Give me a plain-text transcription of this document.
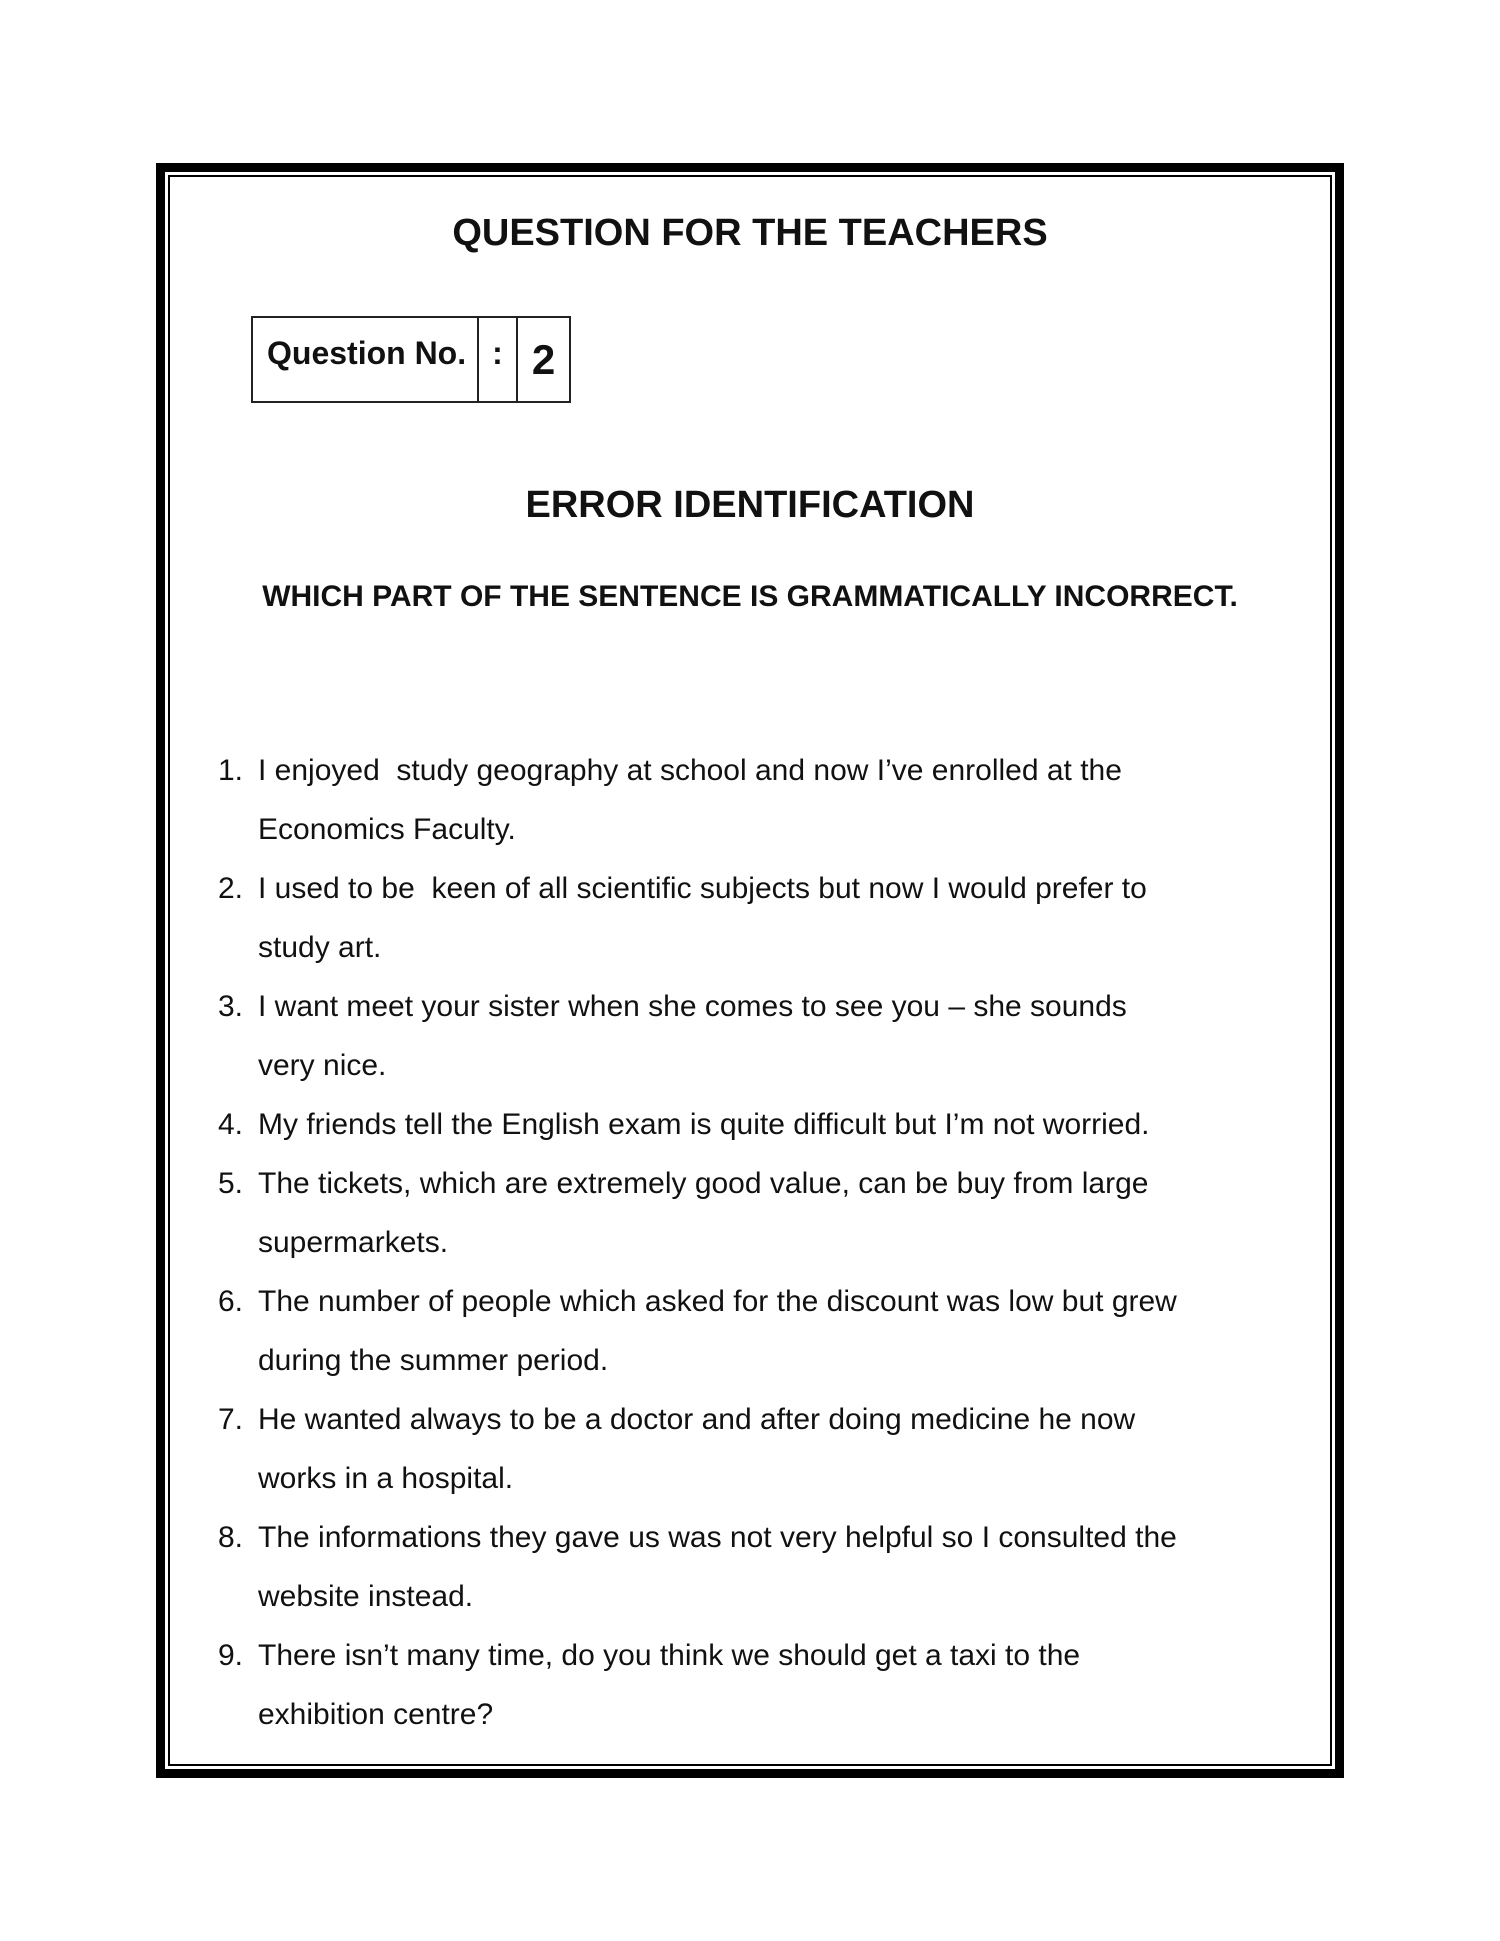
QUESTION FOR THE TEACHERS
Question No. : 2
ERROR IDENTIFICATION
WHICH PART OF THE SENTENCE IS GRAMMATICALLY INCORRECT.
1. I enjoyed  study geography at school and now I’ve enrolled at the
Economics Faculty.
2. I used to be  keen of all scientific subjects but now I would prefer to
study art.
3. I want meet your sister when she comes to see you – she sounds
very nice.
4. My friends tell the English exam is quite difficult but I’m not worried.
5. The tickets, which are extremely good value, can be buy from large
supermarkets.
6. The number of people which asked for the discount was low but grew
during the summer period.
7. He wanted always to be a doctor and after doing medicine he now
works in a hospital.
8. The informations they gave us was not very helpful so I consulted the
website instead.
9. There isn’t many time, do you think we should get a taxi to the
exhibition centre?
